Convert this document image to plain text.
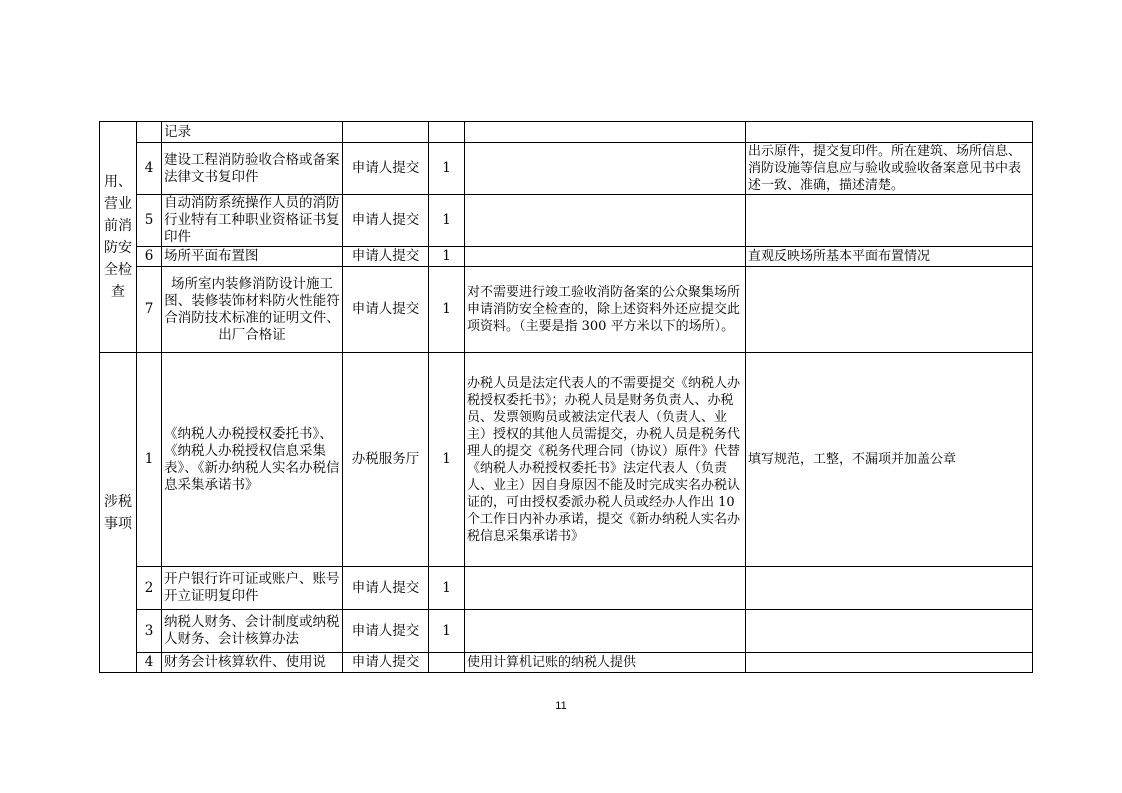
用、营业前消防安全检查		记录				
	4	建设工程消防验收合格或备案法律文书复印件	申请人提交	1		出示原件，提交复印件。所在建筑、场所信息、消防设施等信息应与验收或验收备案意见书中表述一致、准确，描述清楚。
	5	自动消防系统操作人员的消防行业特有工种职业资格证书复印件	申请人提交	1		
	6	场所平面布置图	申请人提交	1		直观反映场所基本平面布置情况
	7	场所室内装修消防设计施工图、装修装饰材料防火性能符合消防技术标准的证明文件、出厂合格证	申请人提交	1	对不需要进行竣工验收消防备案的公众聚集场所申请消防安全检查的，除上述资料外还应提交此项资料。（主要是指 300 平方米以下的场所）。	
涉税事项	1	《纳税人办税授权委托书》、《纳税人办税授权信息采集表》、《新办纳税人实名办税信息采集承诺书》	办税服务厅	1	办税人员是法定代表人的不需要提交《纳税人办税授权委托书》；办税人员是财务负责人、办税员、发票领购员或被法定代表人（负责人、业主）授权的其他人员需提交，办税人员是税务代理人的提交《税务代理合同（协议）原件》代替《纳税人办税授权委托书》法定代表人（负责人、业主）因自身原因不能及时完成实名办税认证的，可由授权委派办税人员或经办人作出 10 个工作日内补办承诺，提交《新办纳税人实名办税信息采集承诺书》	填写规范，工整，不漏项并加盖公章
	2	开户银行许可证或账户、账号开立证明复印件	申请人提交	1		
	3	纳税人财务、会计制度或纳税人财务、会计核算办法	申请人提交	1		
	4	财务会计核算软件、使用说	申请人提交		使用计算机记账的纳税人提供	
11
